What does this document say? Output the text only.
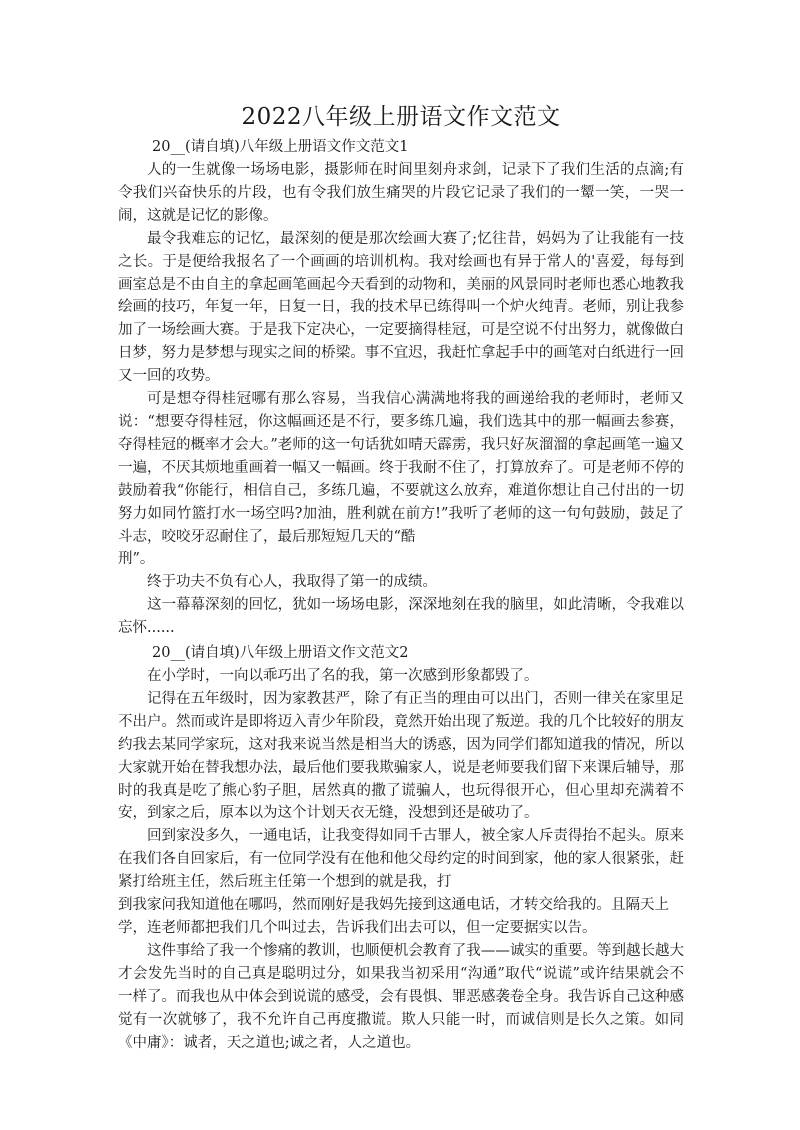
2022八年级上册语文作文范文
20__(请自填)八年级上册语文作文范文1

人的一生就像一场场电影，摄影师在时间里刻舟求剑，记录下了我们生活的点滴;有令我们兴奋快乐的片段，也有令我们放生痛哭的片段它记录了我们的一颦一笑，一哭一闹，这就是记忆的影像。

最令我难忘的记忆，最深刻的便是那次绘画大赛了;忆往昔，妈妈为了让我能有一技之长。于是便给我报名了一个画画的培训机构。我对绘画也有异于常人的'喜爱，每每到画室总是不由自主的拿起画笔画起今天看到的动物和，美丽的风景同时老师也悉心地教我绘画的技巧，年复一年，日复一日，我的技术早已练得叫一个炉火纯青。老师，别让我参加了一场绘画大赛。于是我下定决心，一定要摘得桂冠，可是空说不付出努力，就像做白日梦，努力是梦想与现实之间的桥梁。事不宜迟，我赶忙拿起手中的画笔对白纸进行一回又一回的攻势。

可是想夺得桂冠哪有那么容易，当我信心满满地将我的画递给我的老师时，老师又说：“想要夺得桂冠，你这幅画还是不行，要多练几遍，我们选其中的那一幅画去参赛，夺得桂冠的概率才会大。”老师的这一句话犹如晴天霹雳，我只好灰溜溜的拿起画笔一遍又一遍，不厌其烦地重画着一幅又一幅画。终于我耐不住了，打算放弃了。可是老师不停的鼓励着我“你能行，相信自己，多练几遍，不要就这么放弃，难道你想让自己付出的一切努力如同竹篮打水一场空吗?加油，胜利就在前方!”我听了老师的这一句句鼓励，鼓足了斗志，咬咬牙忍耐住了，最后那短短几天的“酷

刑”。

终于功夫不负有心人，我取得了第一的成绩。

这一幕幕深刻的回忆，犹如一场场电影，深深地刻在我的脑里，如此清晰，令我难以忘怀......

20__(请自填)八年级上册语文作文范文2

在小学时，一向以乖巧出了名的我，第一次感到形象都毁了。

记得在五年级时，因为家教甚严，除了有正当的理由可以出门，否则一律关在家里足不出户。然而或许是即将迈入青少年阶段，竟然开始出现了叛逆。我的几个比较好的朋友约我去某同学家玩，这对我来说当然是相当大的诱惑，因为同学们都知道我的情况，所以大家就开始在替我想办法，最后他们要我欺骗家人，说是老师要我们留下来课后辅导，那时的我真是吃了熊心豹子胆，居然真的撒了谎骗人，也玩得很开心，但心里却充满着不安，到家之后，原本以为这个计划天衣无缝，没想到还是破功了。

回到家没多久，一通电话，让我变得如同千古罪人，被全家人斥责得抬不起头。原来在我们各自回家后，有一位同学没有在他和他父母约定的时间到家，他的家人很紧张，赶紧打给班主任，然后班主任第一个想到的就是我，打

到我家问我知道他在哪吗，然而刚好是我妈先接到这通电话，才转交给我的。且隔天上学，连老师都把我们几个叫过去，告诉我们出去可以，但一定要据实以告。

这件事给了我一个惨痛的教训，也顺便机会教育了我——诚实的重要。等到越长越大才会发先当时的自己真是聪明过分，如果我当初采用“沟通”取代“说谎”或许结果就会不一样了。而我也从中体会到说谎的感受，会有畏惧、罪恶感袭卷全身。我告诉自己这种感觉有一次就够了，我不允许自己再度撒谎。欺人只能一时，而诚信则是长久之策。如同《中庸》：诚者，天之道也;诚之者，人之道也。
